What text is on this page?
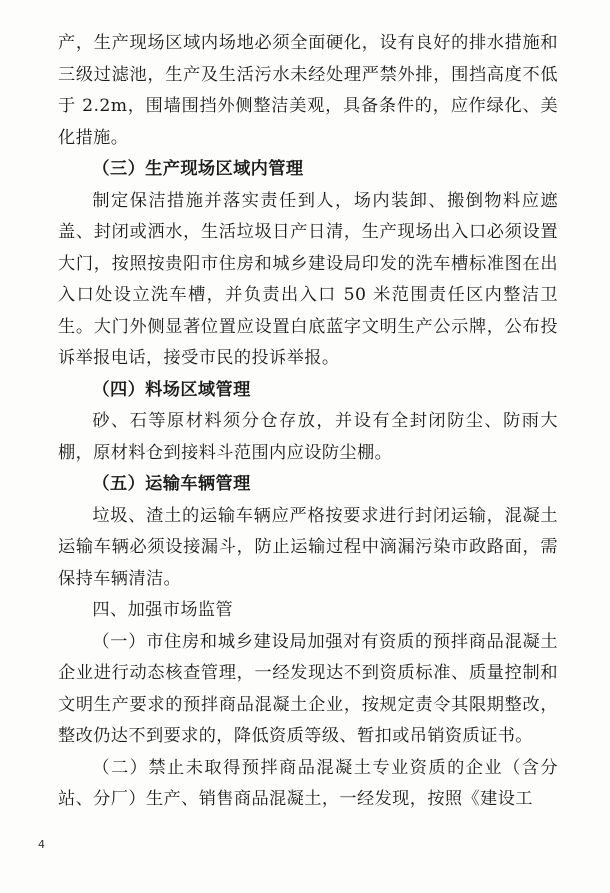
产，生产现场区域内场地必须全面硬化，设有良好的排水措施和三级过滤池，生产及生活污水未经处理严禁外排，围挡高度不低于 2.2m，围墙围挡外侧整洁美观，具备条件的，应作绿化、美化措施。

（三）生产现场区域内管理

制定保洁措施并落实责任到人，场内装卸、搬倒物料应遮盖、封闭或洒水，生活垃圾日产日清，生产现场出入口必须设置大门，按照按贵阳市住房和城乡建设局印发的洗车槽标准图在出入口处设立洗车槽，并负责出入口 50 米范围责任区内整洁卫生。大门外侧显著位置应设置白底蓝字文明生产公示牌，公布投诉举报电话，接受市民的投诉举报。

（四）料场区域管理

砂、石等原材料须分仓存放，并设有全封闭防尘、防雨大棚，原材料仓到接料斗范围内应设防尘棚。

（五）运输车辆管理

垃圾、渣土的运输车辆应严格按要求进行封闭运输，混凝土运输车辆必须设接漏斗，防止运输过程中滴漏污染市政路面，需保持车辆清洁。

四、加强市场监管

（一）市住房和城乡建设局加强对有资质的预拌商品混凝土企业进行动态核查管理，一经发现达不到资质标准、质量控制和文明生产要求的预拌商品混凝土企业，按规定责令其限期整改，整改仍达不到要求的，降低资质等级、暂扣或吊销资质证书。

（二）禁止未取得预拌商品混凝土专业资质的企业（含分站、分厂）生产、销售商品混凝土，一经发现，按照《建设工

4
